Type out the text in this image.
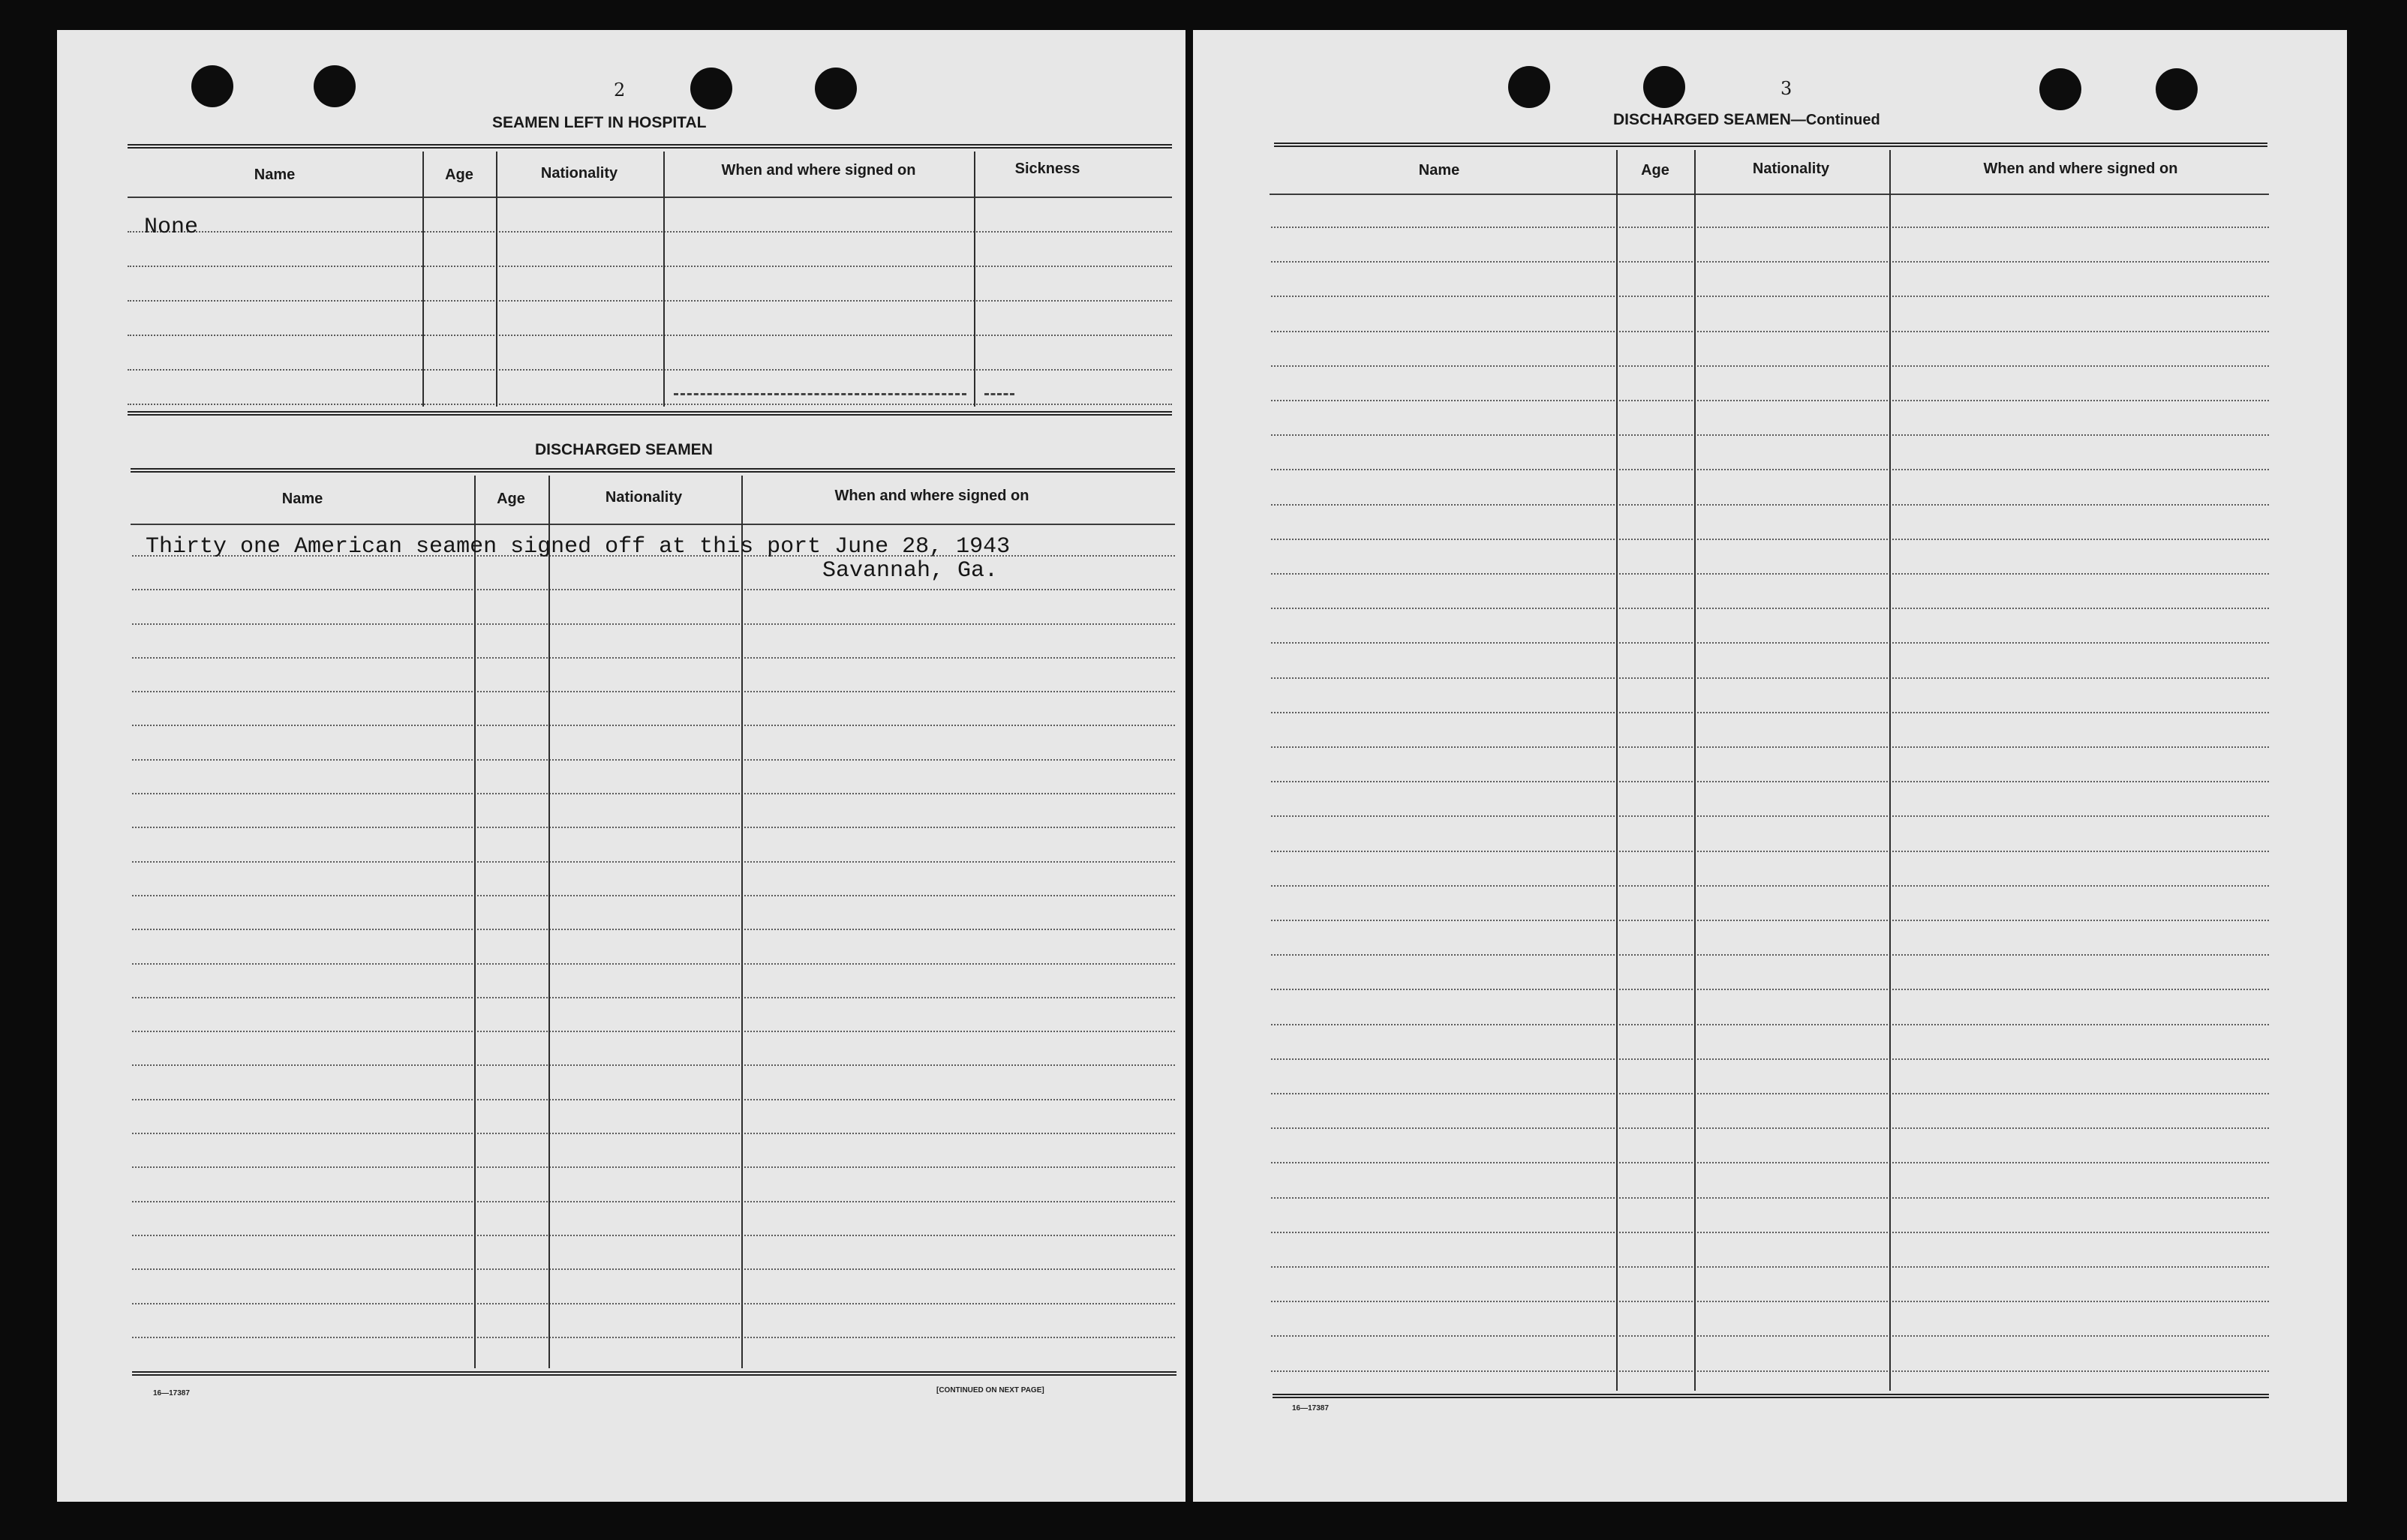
2
SEAMEN LEFT IN HOSPITAL
Name	Age	Nationality	When and where signed on	Sickness
None
DISCHARGED SEAMEN
Name	Age	Nationality	When and where signed on
Thirty one American seamen signed off at this port June 28, 1943
Savannah, Ga.
16—17387	[CONTINUED ON NEXT PAGE]
3
DISCHARGED SEAMEN—Continued
Name	Age	Nationality	When and where signed on
16—17387
